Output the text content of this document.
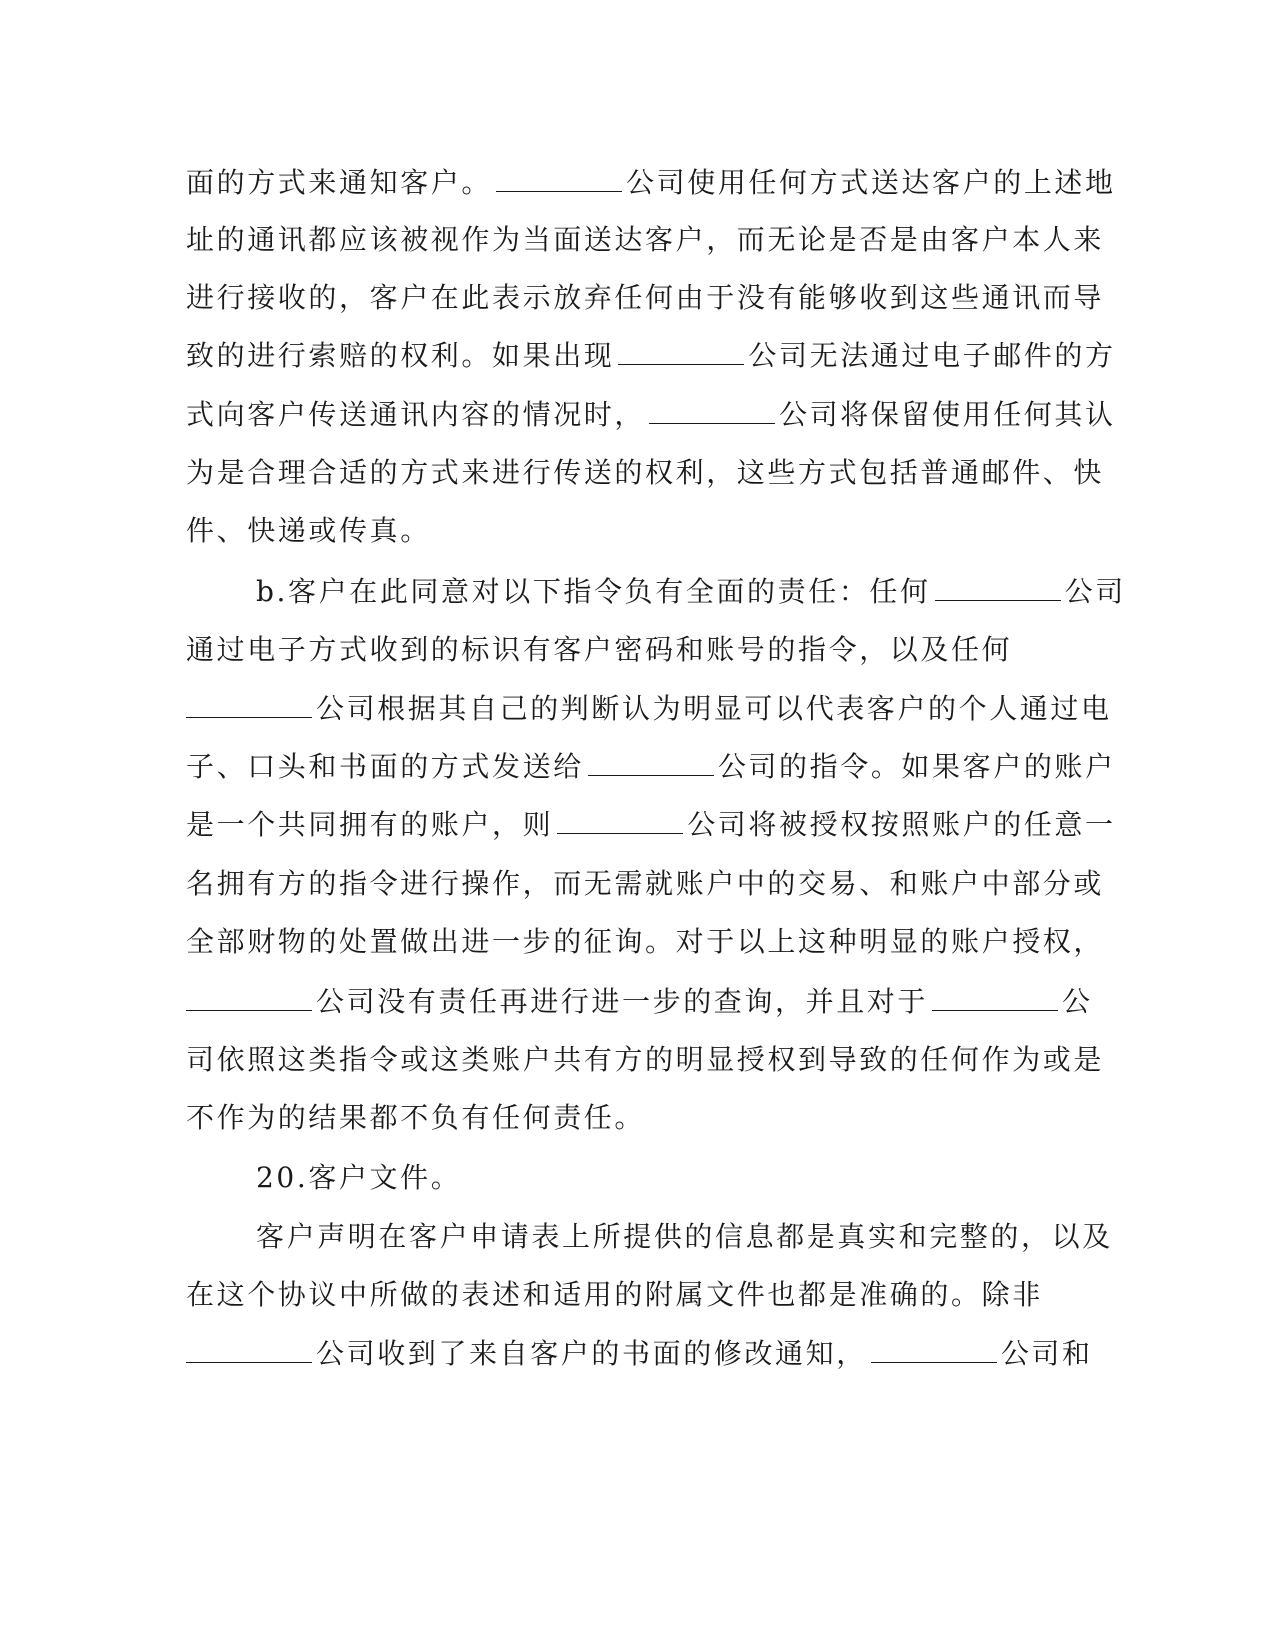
面的方式来通知客户。	公司使用任何方式送达客户的上述地
址的通讯都应该被视作为当面送达客户，而无论是否是由客户本人来
进行接收的，客户在此表示放弃任何由于没有能够收到这些通讯而导
致的进行索赔的权利。如果出现	公司无法通过电子邮件的方
式向客户传送通讯内容的情况时，	公司将保留使用任何其认
为是合理合适的方式来进行传送的权利，这些方式包括普通邮件、快
件、快递或传真。
b.客户在此同意对以下指令负有全面的责任：任何	公司
通过电子方式收到的标识有客户密码和账号的指令，以及任何
公司根据其自己的判断认为明显可以代表客户的个人通过电
子、口头和书面的方式发送给	公司的指令。如果客户的账户
是一个共同拥有的账户，则	公司将被授权按照账户的任意一
名拥有方的指令进行操作，而无需就账户中的交易、和账户中部分或
全部财物的处置做出进一步的征询。对于以上这种明显的账户授权，
公司没有责任再进行进一步的查询，并且对于	公
司依照这类指令或这类账户共有方的明显授权到导致的任何作为或是
不作为的结果都不负有任何责任。
20.客户文件。
客户声明在客户申请表上所提供的信息都是真实和完整的，以及
在这个协议中所做的表述和适用的附属文件也都是准确的。除非
公司收到了来自客户的书面的修改通知，	公司和
